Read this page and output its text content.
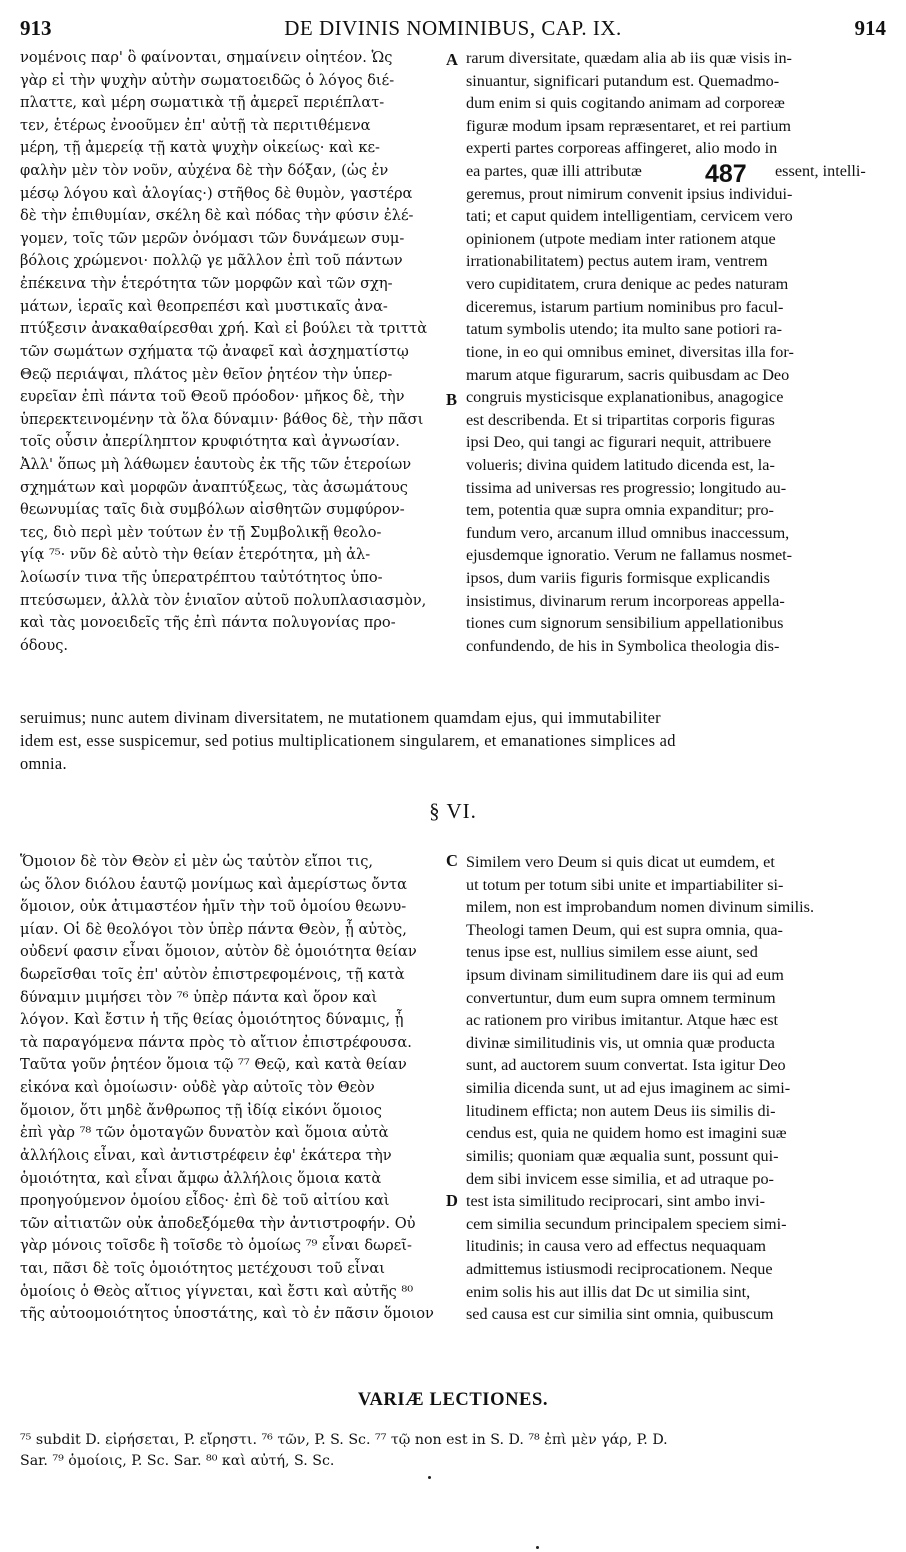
913	DE DIVINIS NOMINIBUS, CAP. IX.	914
νομένοις παρ' ὃ φαίνονται, σημαίνειν οἰητέον. Ὡς
γὰρ εἰ τὴν ψυχὴν αὐτὴν σωματοειδῶς ὁ λόγος διέ-
πλαττε, καὶ μέρη σωματικὰ τῇ ἀμερεῖ περιέπλατ-
τεν, ἑτέρως ἐνοοῦμεν ἐπ' αὐτῇ τὰ περιτιθέμενα
μέρη, τῇ ἀμερείᾳ τῇ κατὰ ψυχὴν οἰκείως· καὶ κε-
φαλὴν μὲν τὸν νοῦν, αὐχένα δὲ τὴν δόξαν, (ὡς ἐν
μέσῳ λόγου καὶ ἀλογίας·) στῆθος δὲ θυμὸν, γαστέρα
δὲ τὴν ἐπιθυμίαν, σκέλη δὲ καὶ πόδας τὴν φύσιν ἐλέ-
γομεν, τοῖς τῶν μερῶν ὀνόμασι τῶν δυνάμεων συμ-
βόλοις χρώμενοι· πολλῷ γε μᾶλλον ἐπὶ τοῦ πάντων
ἐπέκεινα τὴν ἑτερότητα τῶν μορφῶν καὶ τῶν σχη-
μάτων, ἱεραῖς καὶ θεοπρεπέσι καὶ μυστικαῖς ἀνα-
πτύξεσιν ἀνακαθαίρεσθαι χρή. Καὶ εἰ βούλει τὰ τριττὰ
τῶν σωμάτων σχήματα τῷ ἀναφεῖ καὶ ἀσχηματίστῳ
Θεῷ περιάψαι, πλάτος μὲν θεῖον ῥητέον τὴν ὑπερ-
ευρεῖαν ἐπὶ πάντα τοῦ Θεοῦ πρόοδον· μῆκος δὲ, τὴν
ὑπερεκτεινομένην τὰ ὅλα δύναμιν· βάθος δὲ, τὴν πᾶσι
τοῖς οὖσιν ἀπερίληπτον κρυφιότητα καὶ ἀγνωσίαν.
Ἀλλ' ὅπως μὴ λάθωμεν ἑαυτοὺς ἐκ τῆς τῶν ἑτεροίων
σχημάτων καὶ μορφῶν ἀναπτύξεως, τὰς ἀσωμάτους
θεωνυμίας ταῖς διὰ συμβόλων αἰσθητῶν συμφύρον-
τες, διὸ περὶ μὲν τούτων ἐν τῇ Συμβολικῇ θεολο-
γίᾳ ⁷⁵· νῦν δὲ αὐτὸ τὴν θείαν ἑτερότητα, μὴ ἀλ-
λοίωσίν τινα τῆς ὑπερατρέπτου ταὐτότητος ὑπο-
πτεύσωμεν, ἀλλὰ τὸν ἑνιαῖον αὐτοῦ πολυπλασιασμὸν,
καὶ τὰς μονοειδεῖς τῆς ἐπὶ πάντα πολυγονίας προ-
όδους.
rarum diversitate, quædam alia ab iis quæ visis in-
sinuantur, significari putandum est. Quemadmo-
dum enim si quis cogitando animam ad corporeæ
figuræ modum ipsam repræsentaret, et rei partium
experti partes corporeas affingeret, alio modo in
ea partes, quæ illi attributæ	essent, intelli-
geremus, prout nimirum convenit ipsius individui-
tati; et caput quidem intelligentiam, cervicem vero
opinionem (utpote mediam inter rationem atque
irrationabilitatem) pectus autem iram, ventrem
vero cupiditatem, crura denique ac pedes naturam
diceremus, istarum partium nominibus pro facul-
tatum symbolis utendo; ita multo sane potiori ra-
tione, in eo qui omnibus eminet, diversitas illa for-
marum atque figurarum, sacris quibusdam ac Deo
congruis mysticisque explanationibus, anagogice
est describenda. Et si tripartitas corporis figuras
ipsi Deo, qui tangi ac figurari nequit, attribuere
volueris; divina quidem latitudo dicenda est, la-
tissima ad universas res progressio; longitudo au-
tem, potentia quæ supra omnia expanditur; pro-
fundum vero, arcanum illud omnibus inaccessum,
ejusdemque ignoratio. Verum ne fallamus nosmet-
ipsos, dum variis figuris formisque explicandis
insistimus, divinarum rerum incorporeas appella-
tiones cum signorum sensibilium appellationibus
confundendo, de his in Symbolica theologia dis-
A
B
487
seruimus; nunc autem divinam diversitatem, ne mutationem quamdam ejus, qui immutabiliter
idem est, esse suspicemur, sed potius multiplicationem singularem, et emanationes simplices ad
omnia.
§ VI.
Ὅμοιον δὲ τὸν Θεὸν εἰ μὲν ὡς ταὐτὸν εἴποι τις,
ὡς ὅλον διόλου ἑαυτῷ μονίμως καὶ ἀμερίστως ὄντα
ὅμοιον, οὐκ ἀτιμαστέον ἡμῖν τὴν τοῦ ὁμοίου θεωνυ-
μίαν. Οἱ δὲ θεολόγοι τὸν ὑπὲρ πάντα Θεὸν, ᾗ αὐτὸς,
οὐδενί φασιν εἶναι ὅμοιον, αὐτὸν δὲ ὁμοιότητα θείαν
δωρεῖσθαι τοῖς ἐπ' αὐτὸν ἐπιστρεφομένοις, τῇ κατὰ
δύναμιν μιμήσει τὸν ⁷⁶ ὑπὲρ πάντα καὶ ὅρον καὶ
λόγον. Καὶ ἔστιν ἡ τῆς θείας ὁμοιότητος δύναμις, ᾗ
τὰ παραγόμενα πάντα πρὸς τὸ αἴτιον ἐπιστρέφουσα.
Ταῦτα γοῦν ῥητέον ὅμοια τῷ ⁷⁷ Θεῷ, καὶ κατὰ θείαν
εἰκόνα καὶ ὁμοίωσιν· οὐδὲ γὰρ αὐτοῖς τὸν Θεὸν
ὅμοιον, ὅτι μηδὲ ἄνθρωπος τῇ ἰδίᾳ εἰκόνι ὅμοιος
ἐπὶ γὰρ ⁷⁸ τῶν ὁμοταγῶν δυνατὸν καὶ ὅμοια αὐτὰ
ἀλλήλοις εἶναι, καὶ ἀντιστρέφειν ἐφ' ἑκάτερα τὴν
ὁμοιότητα, καὶ εἶναι ἄμφω ἀλλήλοις ὅμοια κατὰ
προηγούμενον ὁμοίου εἶδος· ἐπὶ δὲ τοῦ αἰτίου καὶ
τῶν αἰτιατῶν οὐκ ἀποδεξόμεθα τὴν ἀντιστροφήν. Οὐ
γὰρ μόνοις τοῖσδε ἢ τοῖσδε τὸ ὁμοίως ⁷⁹ εἶναι δωρεῖ-
ται, πᾶσι δὲ τοῖς ὁμοιότητος μετέχουσι τοῦ εἶναι
ὁμοίοις ὁ Θεὸς αἴτιος γίγνεται, καὶ ἔστι καὶ αὐτῆς ⁸⁰
τῆς αὐτοομοιότητος ὑποστάτης, καὶ τὸ ἐν πᾶσιν ὅμοιον
Similem vero Deum si quis dicat ut eumdem, et
ut totum per totum sibi unite et impartiabiliter si-
milem, non est improbandum nomen divinum similis.
Theologi tamen Deum, qui est supra omnia, qua-
tenus ipse est, nullius similem esse aiunt, sed
ipsum divinam similitudinem dare iis qui ad eum
convertuntur, dum eum supra omnem terminum
ac rationem pro viribus imitantur. Atque hæc est
divinæ similitudinis vis, ut omnia quæ producta
sunt, ad auctorem suum convertat. Ista igitur Deo
similia dicenda sunt, ut ad ejus imaginem ac simi-
litudinem efficta; non autem Deus iis similis di-
cendus est, quia ne quidem homo est imagini suæ
similis; quoniam quæ æqualia sunt, possunt qui-
dem sibi invicem esse similia, et ad utraque po-
test ista similitudo reciprocari, sint ambo invi-
cem similia secundum principalem speciem simi-
litudinis; in causa vero ad effectus nequaquam
admittemus istiusmodi reciprocationem. Neque
enim solis his aut illis dat Dc ut similia sint,
sed causa est cur similia sint omnia, quibuscum
C
D
VARIÆ LECTIONES.
⁷⁵ subdit D. εἰρήσεται, P. εἴρηστι. ⁷⁶ τῶν, P. S. Sc. ⁷⁷ τῷ non est in S. D. ⁷⁸ ἐπὶ μὲν γάρ, P. D.
Sar. ⁷⁹ ὁμοίοις, P. Sc. Sar. ⁸⁰ καὶ αὐτή, S. Sc.
